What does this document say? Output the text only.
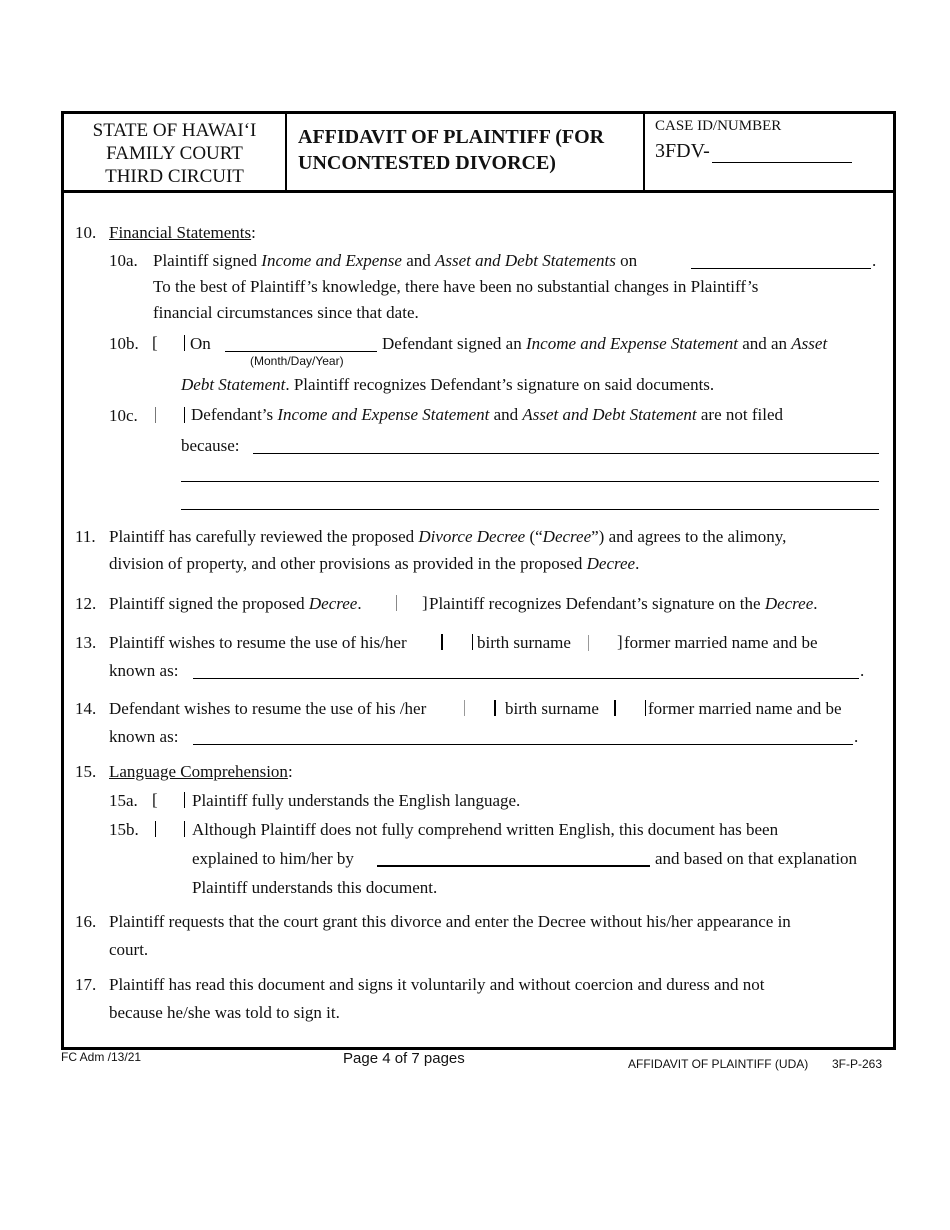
STATE OF HAWAIʻI
FAMILY COURT
THIRD CIRCUIT
AFFIDAVIT OF PLAINTIFF (FOR
UNCONTESTED DIVORCE)
CASE ID/NUMBER
3FDV-
10. Financial Statements:
10a. Plaintiff signed Income and Expense and Asset and Debt Statements on	.
To the best of Plaintiff’s knowledge, there have been no substantial changes in Plaintiff’s
financial circumstances since that date.
10b. [ On
(Month/Day/Year)
Defendant signed an Income and Expense Statement and an Asset
Debt Statement. Plaintiff recognizes Defendant’s signature on said documents.
10c.	Defendant’s Income and Expense Statement and Asset and Debt Statement are not filed
because:
11. Plaintiff has carefully reviewed the proposed Divorce Decree (“Decree”) and agrees to the alimony,
division of property, and other provisions as provided in the proposed Decree.
12. Plaintiff signed the proposed Decree.	] Plaintiff recognizes Defendant’s signature on the Decree.
13. Plaintiff wishes to resume the use of his/her	birth surname	] former married name and be
known as:	.
14. Defendant wishes to resume the use of his /her	birth surname	former married name and be
known as:	.
15. Language Comprehension:
15a. [ Plaintiff fully understands the English language.
15b.	Although Plaintiff does not fully comprehend written English, this document has been
explained to him/her by	and based on that explanation
Plaintiff understands this document.
16. Plaintiff requests that the court grant this divorce and enter the Decree without his/her appearance in
court.
17. Plaintiff has read this document and signs it voluntarily and without coercion and duress and not
because he/she was told to sign it.
FC Adm /13/21	Page 4 of 7 pages	AFFIDAVIT OF PLAINTIFF (UDA) 3F-P-263
